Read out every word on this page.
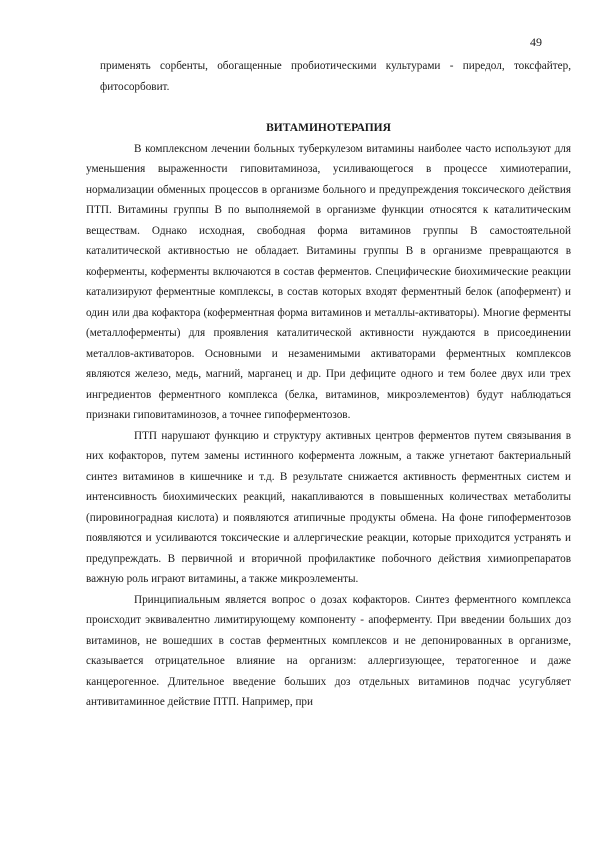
49

применять сорбенты, обогащенные пробиотическими культурами - пиредол, токсфайтер, фитосорбовит.

ВИТАМИНОТЕРАПИЯ

В комплексном лечении больных туберкулезом витамины наиболее часто используют для уменьшения выраженности гиповитаминоза, усиливающегося в процессе химиотерапии, нормализации обменных процессов в организме больного и предупреждения токсического действия ПТП. Витамины группы В по выполняемой в организме функции относятся к каталитическим веществам. Однако исходная, свободная форма витаминов группы В самостоятельной каталитической активностью не обладает. Витамины группы В в организме превращаются в коферменты, коферменты включаются в состав ферментов. Специфические биохимические реакции катализируют ферментные комплексы, в состав которых входят ферментный белок (апофермент) и один или два кофактора (коферментная форма витаминов и металлы-активаторы). Многие ферменты (металлоферменты) для проявления каталитической активности нуждаются в присоединении металлов-активаторов. Основными и незаменимыми активаторами ферментных комплексов являются железо, медь, магний, марганец и др. При дефиците одного и тем более двух или трех ингредиентов ферментного комплекса (белка, витаминов, микроэлементов) будут наблюдаться признаки гиповитаминозов, а точнее гипоферментозов.

ПТП нарушают функцию и структуру активных центров ферментов путем связывания в них кофакторов, путем замены истинного кофермента ложным, а также угнетают бактериальный синтез витаминов в кишечнике и т.д. В результате снижается активность ферментных систем и интенсивность биохимических реакций, накапливаются в повышенных количествах метаболиты (пировиноградная кислота) и появляются атипичные продукты обмена. На фоне гипоферментозов появляются и усиливаются токсические и аллергические реакции, которые приходится устранять и предупреждать. В первичной и вторичной профилактике побочного действия химиопрепаратов важную роль играют витамины, а также микроэлементы.

Принципиальным является вопрос о дозах кофакторов. Синтез ферментного комплекса происходит эквивалентно лимитирующему компоненту - апоферменту. При введении больших доз витаминов, не вошедших в состав ферментных комплексов и не депонированных в организме, сказывается отрицательное влияние на организм: аллергизующее, тератогенное и даже канцерогенное. Длительное введение больших доз отдельных витаминов подчас усугубляет антивитаминное действие ПТП. Например, при
